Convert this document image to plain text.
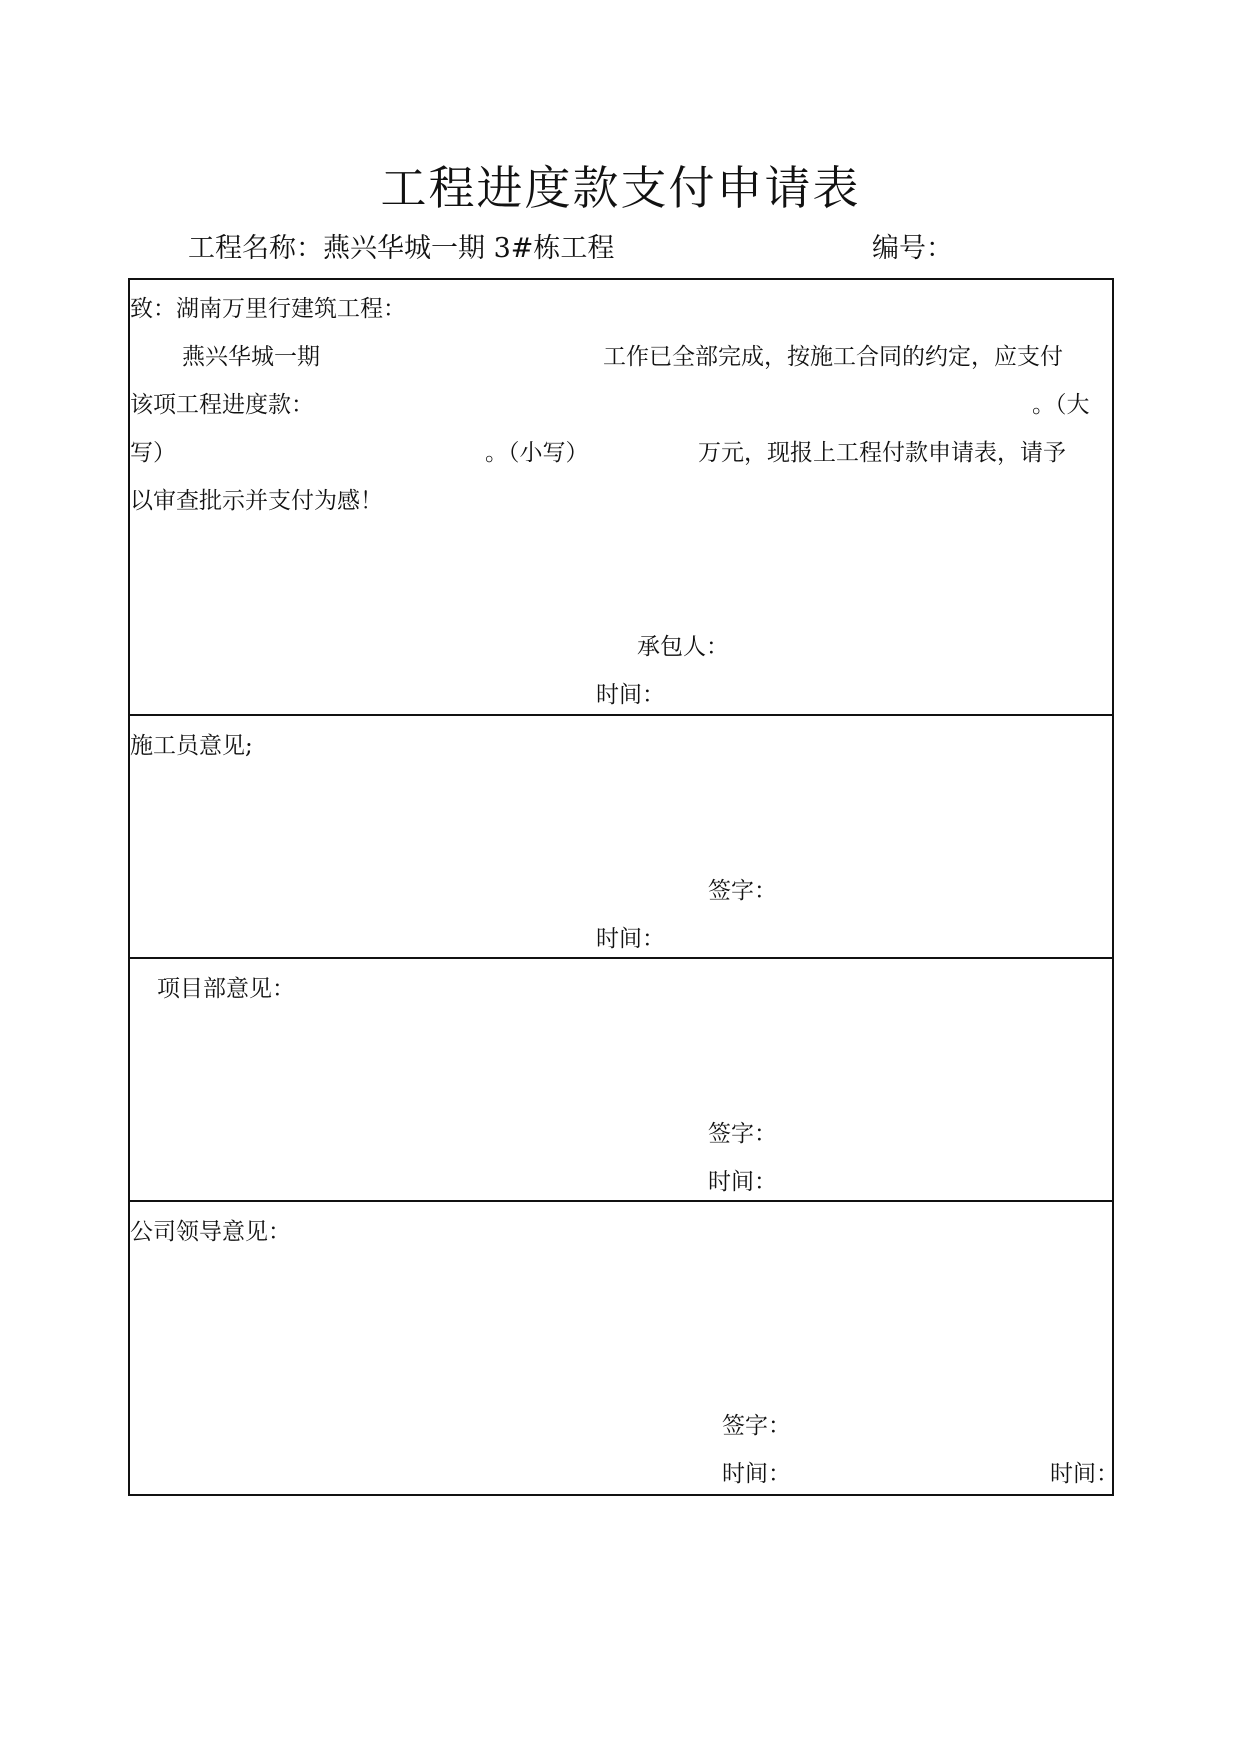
工程进度款支付申请表
工程名称：燕兴华城一期 3#栋工程	编号：
致：湖南万里行建筑工程：
燕兴华城一期	工作已全部完成，按施工合同的约定，应支付
该项工程进度款：	。（大
写）	。（小写）	万元，现报上工程付款申请表，请予
以审查批示并支付为感！
承包人：
时间：
施工员意见;
签字：
时间：
项目部意见：
签字：
时间：
公司领导意见：
签字：
时间：	时间：
